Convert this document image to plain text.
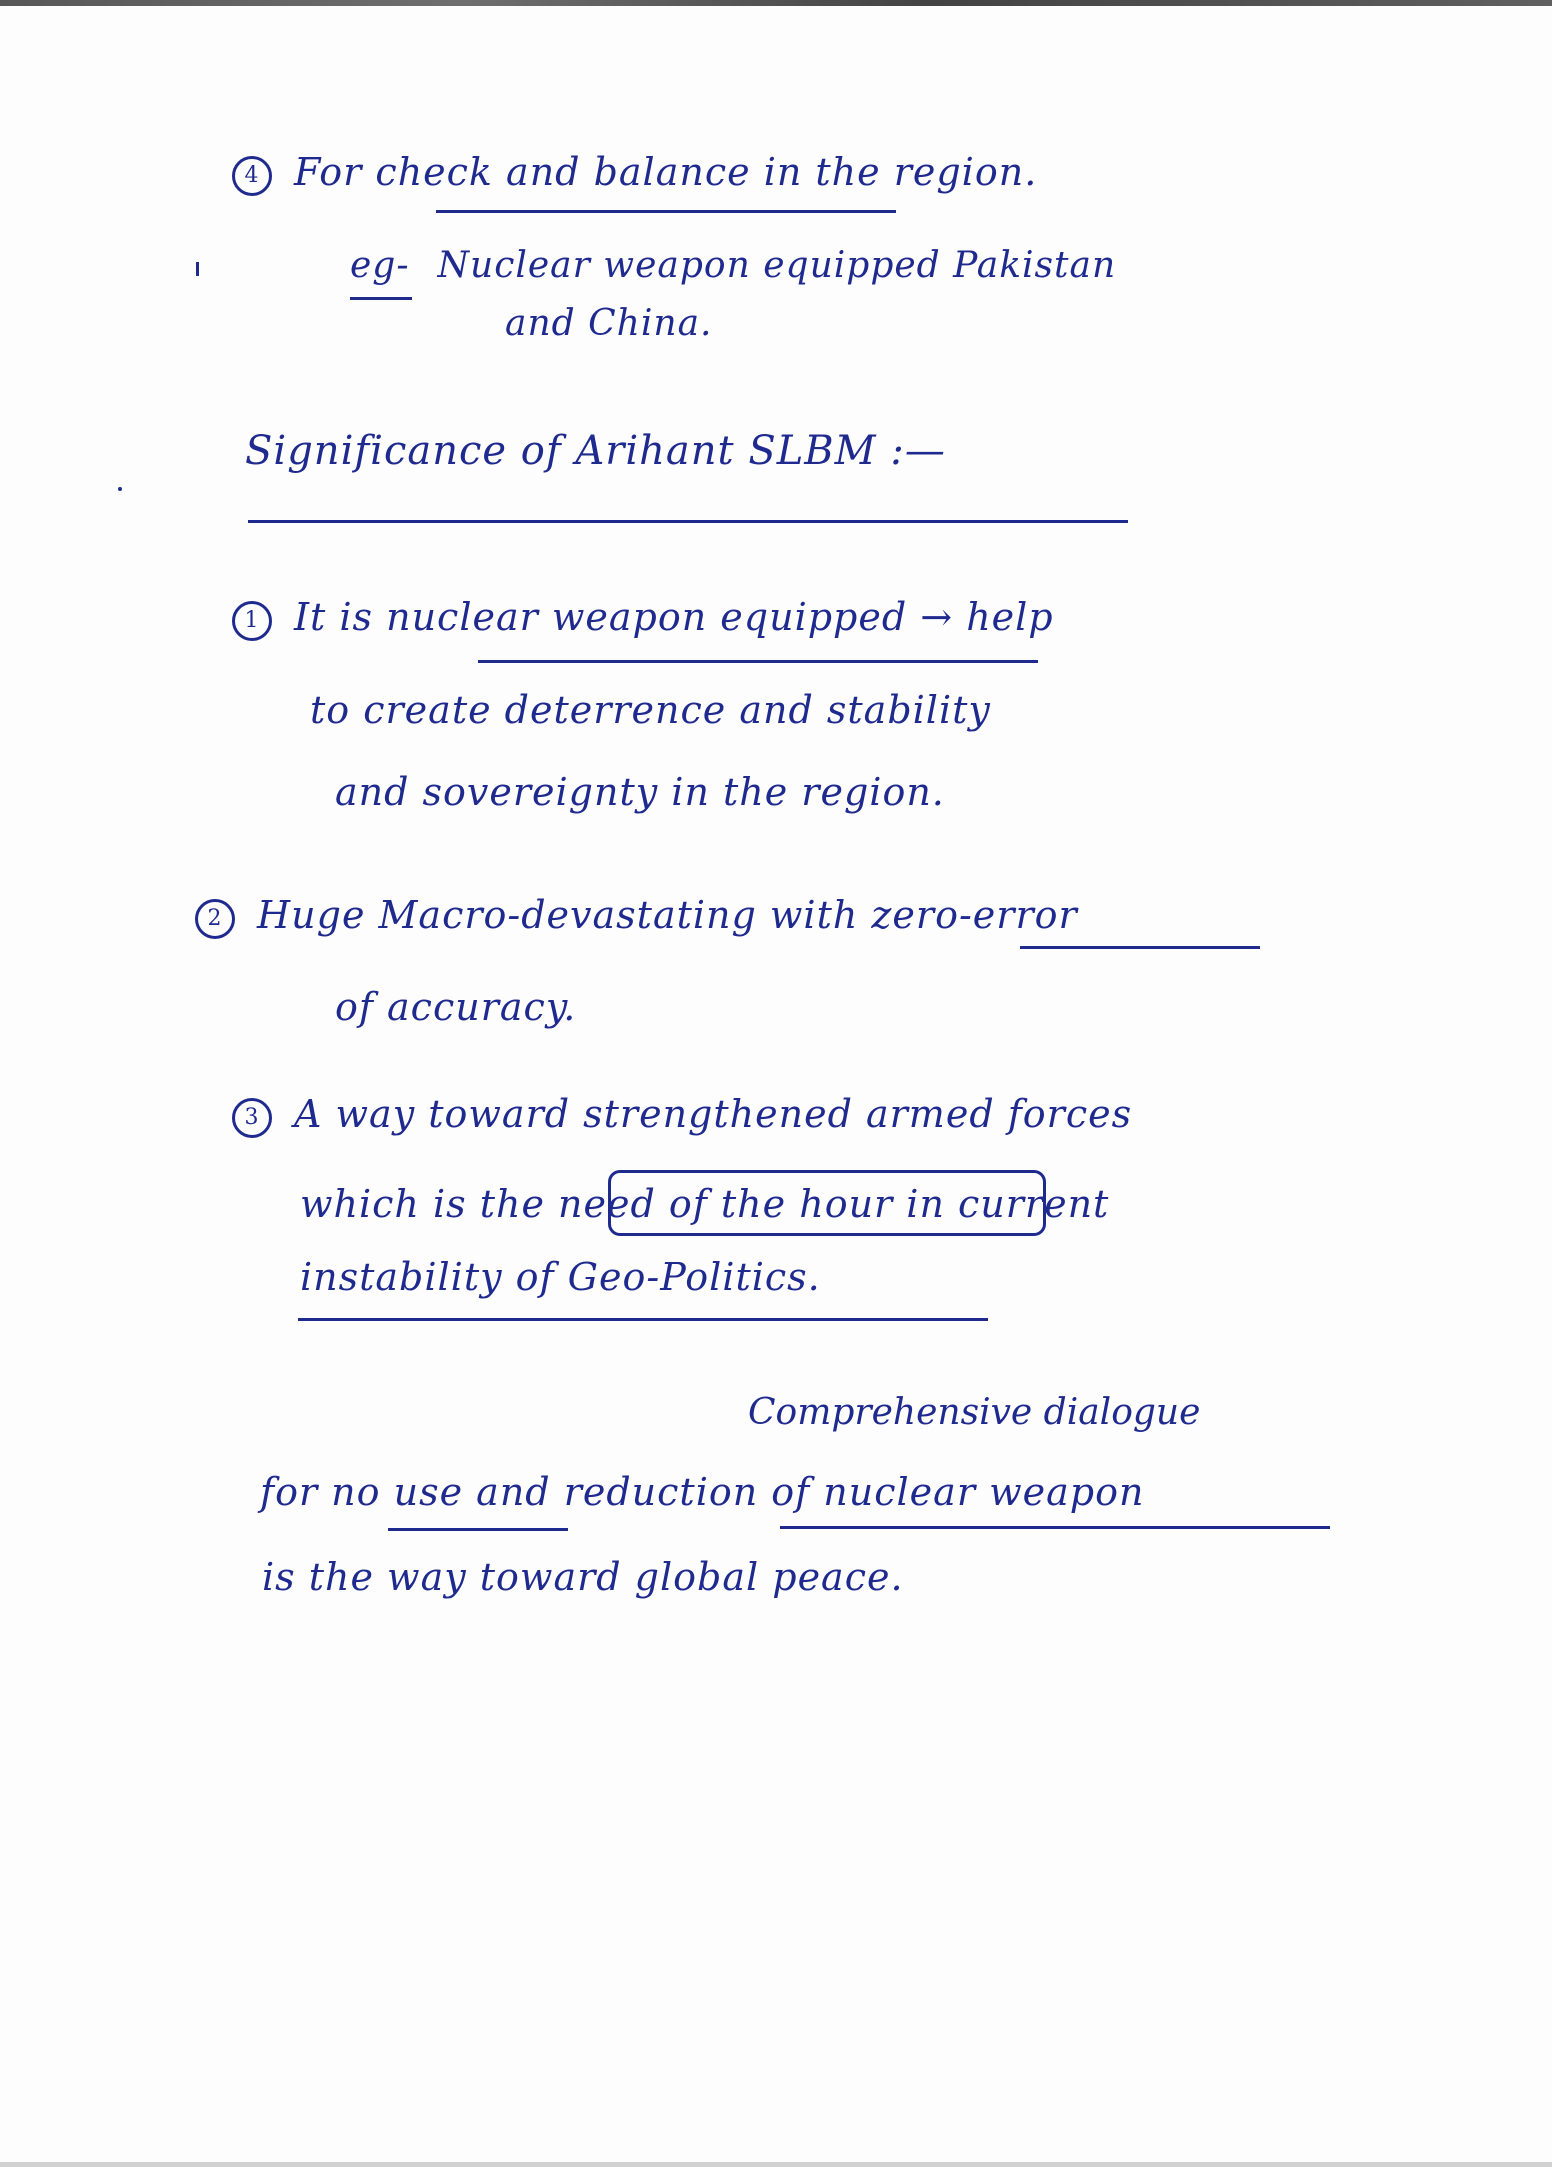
4 For check and balance in the region.
eg- Nuclear weapon equipped Pakistan
and China.
Significance of Arihant SLBM :—
1 It is nuclear weapon equipped → help
to create deterrence and stability
and sovereignty in the region.
2 Huge Macro-devastating with zero-error
of accuracy.
3 A way toward strengthened armed forces
which is the need of the hour in current
instability of Geo-Politics.
Comprehensive dialogue
for no use and reduction of nuclear weapon
is the way toward global peace.
